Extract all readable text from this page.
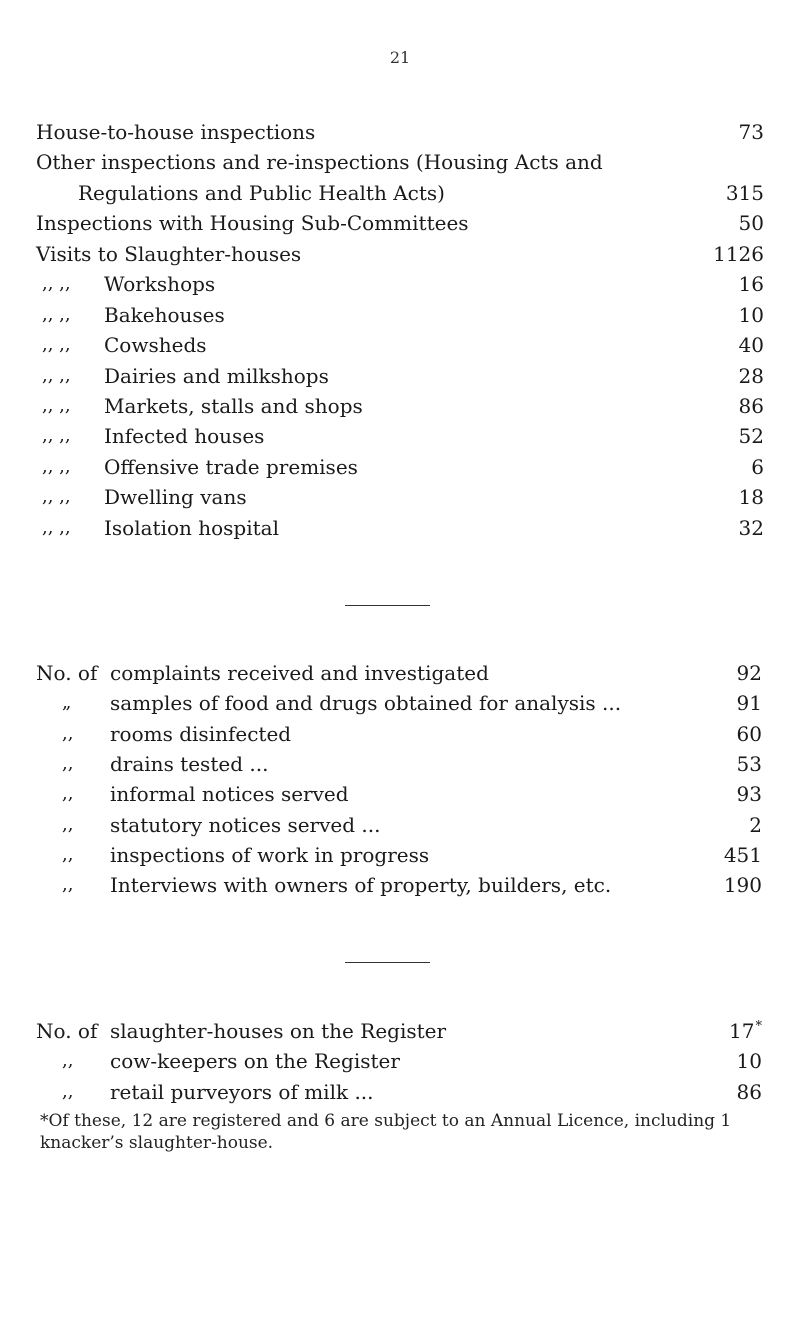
21
House-to-house inspections	73
Other inspections and re-inspections (Housing Acts and
Regulations and Public Health Acts)	315
Inspections with Housing Sub-Committees	50
Visits to Slaughter-houses	1126
,, ,, Workshops	16
,, ,, Bakehouses	10
,, ,, Cowsheds	40
,, ,, Dairies and milkshops	28
,, ,, Markets, stalls and shops	86
,, ,, Infected houses	52
,, ,, Offensive trade premises	6
,, ,, Dwelling vans	18
,, ,, Isolation hospital	32
No. of complaints received and investigated	92
„ samples of food and drugs obtained for analysis ...	91
,, rooms disinfected	60
,, drains tested ...	53
,, informal notices served	93
,, statutory notices served ...	2
,, inspections of work in progress	451
,, Interviews with owners of property, builders, etc.	190
No. of slaughter-houses on the Register	17*
,, cow-keepers on the Register	10
,, retail purveyors of milk ...	86
*Of these, 12 are registered and 6 are subject to an Annual Licence, including 1 knacker’s slaughter-house.
